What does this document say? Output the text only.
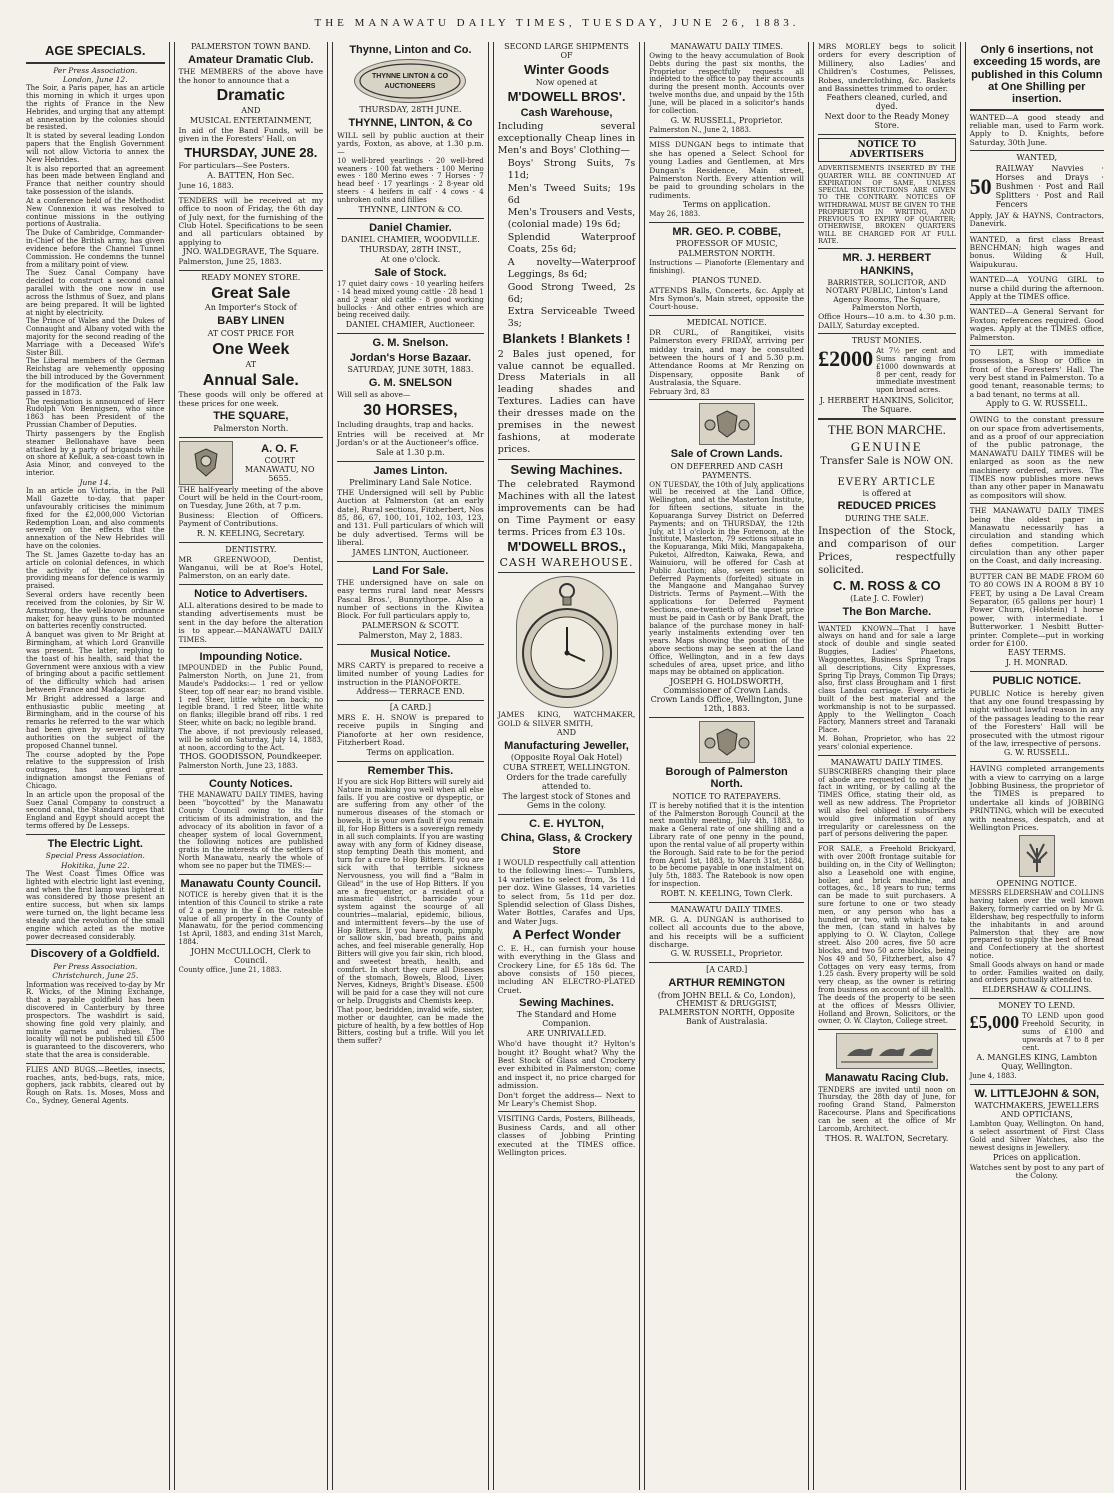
THE MANAWATU DAILY TIMES, TUESDAY, JUNE 26, 1883.
AGE SPECIALS.
Per Press Association.
London, June 12.
The Soir, a Paris paper, has an article this morning in which it urges upon the rights of France in the New Hebrides, and urging that any attempt at annexation by the colonies should be resisted.
It is stated by several leading London papers that the English Government will not allow Victoria to annex the New Hebrides.
It is also reported that an agreement has been made between England and France that neither country should take possession of the islands.
At a conference held of the Methodist New Connexion it was resolved to continue missions in the outlying portions of Australia.
The Duke of Cambridge, Commander-in-Chief of the British army, has given evidence before the Channel Tunnel Commission. He condemns the tunnel from a military point of view.
The Suez Canal Company have decided to construct a second canal parallel with the one now in use across the Isthmus of Suez, and plans are being prepared. It will be lighted at night by electricity.
The Prince of Wales and the Dukes of Connaught and Albany voted with the majority for the second reading of the Marriage with a Deceased Wife's Sister Bill.
The Liberal members of the German Reichstag are vehemently opposing the bill introduced by the Government for the modification of the Falk law passed in 1873.
The resignation is announced of Herr Rudolph Von Bennigsen, who since 1863 has been President of the Prussian Chamber of Deputies.
Thirty passengers by the English steamer Bellonahave have been attacked by a party of brigands while on shore at Kelluk, a sea-coast town in Asia Minor, and conveyed to the interior.
June 14.
In an article on Victoria, in the Pall Mall Gazette to-day, that paper unfavourably criticises the minimum fixed for the £2,000,000 Victorian Redemption Loan, and also comments severely on the effects that the annexation of the New Hebrides will have on the colonies.
The St. James Gazette to-day has an article on colonial defences, in which the activity of the colonies in providing means for defence is warmly praised.
Several orders have recently been received from the colonies, by Sir W. Armstrong, the well-known ordnance maker, for heavy guns to be mounted on batteries recently constructed.
A banquet was given to Mr Bright at Birmingham, at which Lord Granville was present. The latter, replying to the toast of his health, said that the Government were anxious with a view of bringing about a pacific settlement of the difficulty which had arisen between France and Madagascar.
Mr Bright addressed a large and enthusiastic public meeting at Birmingham, and in the course of his remarks he referred to the war which had been given by several military authorities on the subject of the proposed Channel tunnel.
The course adopted by the Pope relative to the suppression of Irish outrages, has aroused great indignation amongst the Fenians of Chicago.
In an article upon the proposal of the Suez Canal Company to construct a second canal, the Standard urges that England and Egypt should accept the terms offered by De Lesseps.
The Electric Light.
Special Press Association.
Hokitika, June 22.
The West Coast Times Office was lighted with electric light last evening, and when the first lamp was lighted it was considered by those present an entire success, but when six lamps were turned on, the light became less steady and the revolution of the small engine which acted as the motive power decreased considerably.
Discovery of a Goldfield.
Per Press Association.
Christchurch, June 25.
Information was received to-day by Mr R. Wicks, of the Mining Exchange, that a payable goldfield has been discovered in Canterbury by three prospectors. The washdirt is said, showing fine gold very plainly, and minute garnets and rubies. The locality will not be published till £500 is guaranteed to the discoverers, who state that the area is considerable.
FLIES AND BUGS.—Beetles, insects, roaches, ants, bed-bugs, rats, mice, gophers, jack rabbits, cleared out by Rough on Rats. 1s. Moses, Moss and Co., Sydney, General Agents.
PALMERSTON TOWN BAND.
Amateur Dramatic Club.
THE MEMBERS of the above have the honor to announce that a
Dramatic
AND
MUSICAL ENTERTAINMENT,
In aid of the Band Funds, will be given in the Foresters' Hall, on
THURSDAY, JUNE 28.
For particulars—See Posters.
A. BATTEN, Hon Sec.
June 16, 1883.
TENDERS will be received at my office to noon of Friday, the 6th day of July next, for the furnishing of the Club Hotel. Specifications to be seen and all particulars obtained by applying to
JNO. WALDEGRAVE, The Square.
Palmerston, June 25, 1883.
READY MONEY STORE.
Great Sale
An Importer's Stock of
BABY LINEN
AT COST PRICE FOR
One Week
AT
Annual Sale.
These goods will only be offered at these prices for one week.
THE SQUARE,
Palmerston North.
A. O. F.
COURT MANAWATU, NO 5655.
THE half-yearly meeting of the above Court will be held in the Court-room, on Tuesday, June 26th, at 7 p.m.
Business: Election of Officers. Payment of Contributions.
R. N. KEELING, Secretary.
DENTISTRY.
MR GREENWOOD, Dentist, Wanganui, will be at Roe's Hotel, Palmerston, on an early date.
Notice to Advertisers.
ALL alterations desired to be made to standing advertisements must be sent in the day before the alteration is to appear.—MANAWATU DAILY TIMES.
Impounding Notice.
IMPOUNDED in the Public Pound, Palmerston North, on June 21, from Maude's Paddocks:— 1 red or yellow Steer, top off near ear; no brand visible. 1 red Steer, little white on back; no legible brand. 1 red Steer, little white on flanks; illegible brand off ribs. 1 red Steer, white on back; no legible brand.
The above, if not previously released, will be sold on Saturday, July 14, 1883, at noon, according to the Act.
THOS. GOODISSON, Poundkeeper.
Palmerston North, June 23, 1883.
County Notices.
THE MANAWATU DAILY TIMES, having been "boycotted" by the Manawatu County Council owing to its fair criticism of its administration, and the advocacy of its abolition in favor of a cheaper system of local Government, the following notices are published gratis in the interests of the settlers of North Manawatu, nearly the whole of whom see no paper but the TIMES:—
Manawatu County Council.
NOTICE is hereby given that it is the intention of this Council to strike a rate of 2 a penny in the £ on the rateable value of all property in the County of Manawatu, for the period commencing 1st April, 1883, and ending 31st March, 1884.
JOHN McCULLOCH, Clerk to Council.
County office, June 21, 1883.
Thynne, Linton and Co.
THYNNE LINTON & CO
AUCTIONEERS
THURSDAY, 28TH JUNE.
THYNNE, LINTON, & Co
WILL sell by public auction at their yards, Foxton, as above, at 1.30 p.m.—
10 well-bred yearlings · 20 well-bred weaners · 100 fat wethers · 100 Merino ewes · 180 Merino ewes · 7 Horses · 7 head beef · 17 yearlings · 2 8-year old steers · 4 heifers in calf · 4 cows · 4 unbroken colts and fillies
THYNNE, LINTON & CO.
Daniel Chamier.
DANIEL CHAMIER, WOODVILLE.
THURSDAY, 28TH INST.,
At one o'clock.
Sale of Stock.
17 quiet dairy cows · 10 yearling heifers · 14 head mixed young cattle · 28 head 1 and 2 year old cattle · 8 good working bullocks · And other entries which are being received daily.
DANIEL CHAMIER, Auctioneer.
G. M. Snelson.
Jordan's Horse Bazaar.
SATURDAY, JUNE 30TH, 1883.
G. M. SNELSON
Will sell as above—
30 HORSES,
Including draughts, trap and hacks.
Entries will be received at Mr Jordan's or at the Auctioneer's office.
Sale at 1.30 p.m.
James Linton.
Preliminary Land Sale Notice.
THE Undersigned will sell by Public Auction at Palmerston (at an early date), Rural sections, Fitzherbert, Nos 85, 86, 67, 100, 101, 102, 103, 123, and 131. Full particulars of which will be duly advertised. Terms will be liberal.
JAMES LINTON, Auctioneer.
Land For Sale.
THE undersigned have on sale on easy terms rural land near Messrs Pascal Bros.', Bunnythorpe. Also a number of sections in the Kiwitea Block. For full particulars apply to,
PALMERSON & SCOTT.
Palmerston, May 2, 1883.
Musical Notice.
MRS CARTY is prepared to receive a limited number of young Ladies for instruction in the PIANOFORTE.
Address— TERRACE END.
[A CARD.]
MRS E. H. SNOW is prepared to receive pupils in Singing and Pianoforte at her own residence, Fitzherbert Road.
Terms on application.
Remember This.
If you are sick Hop Bitters will surely aid Nature in making you well when all else fails. If you are costive or dyspeptic, or are suffering from any other of the numerous diseases of the stomach or bowels, it is your own fault if you remain ill, for Hop Bitters is a sovereign remedy in all such complaints. If you are wasting away with any form of Kidney disease, stop tempting Death this moment, and turn for a cure to Hop Bitters. If you are sick with that terrible sickness Nervousness, you will find a "Balm in Gilead" in the use of Hop Bitters. If you are a frequenter, or a resident of a miasmatic district, barricade your system against the scourge of all countries—malarial, epidemic, bilious, and intermittent fevers—by the use of Hop Bitters. If you have rough, pimply, or sallow skin, bad breath, pains and aches, and feel miserable generally, Hop Bitters will give you fair skin, rich blood, and sweetest breath, health, and comfort. In short they cure all Diseases of the stomach, Bowels, Blood, Liver, Nerves, Kidneys, Bright's Disease. £500 will be paid for a case they will not cure or help. Druggists and Chemists keep.
That poor, bedridden, invalid wife, sister, mother or daughter, can be made the picture of health, by a few bottles of Hop Bitters, costing but a trifle. Will you let them suffer?
SECOND LARGE SHIPMENTS OF
Winter Goods
Now opened at
M'DOWELL BROS'.
Cash Warehouse,
Including several exceptionally Cheap lines in Men's and Boys' Clothing—
Boys' Strong Suits, 7s 11d;
Men's Tweed Suits; 19s 6d
Men's Trousers and Vests, (colonial made) 19s 6d;
Splendid Waterproof Coats, 25s 6d;
A novelty—Waterproof Leggings, 8s 6d;
Good Strong Tweed, 2s 6d;
Extra Serviceable Tweed 3s;
Blankets ! Blankets !
2 Bales just opened, for value cannot be equalled. Dress Materials in all leading shades and Textures. Ladies can have their dresses made on the premises in the newest fashions, at moderate prices.
Sewing Machines.
The celebrated Raymond Machines with all the latest improvements can be had on Time Payment or easy terms. Prices from £3 10s.
M'DOWELL BROS.,
CASH WAREHOUSE.
JAMES KING, WATCHMAKER, GOLD & SILVER SMITH,
AND
Manufacturing Jeweller,
(Opposite Royal Oak Hotel)
CUBA STREET, WELLINGTON.
Orders for the trade carefully attended to.
The largest stock of Stones and Gems in the colony.
C. E. HYLTON,
China, Glass, & Crockery Store
I WOULD respectfully call attention to the following lines:— Tumblers, 14 varieties to select from, 3s 11d per doz. Wine Glasses, 14 varieties to select from, 5s 11d per doz. Splendid selection of Glass Dishes, Water Bottles, Carafes and Ups, and Water Jugs.
A Perfect Wonder
C. E. H., can furnish your house with everything in the Glass and Crockery Line, for £5 18s 6d. The above consists of 150 pieces, including AN ELECTRO-PLATED Cruet.
Sewing Machines.
The Standard and Home Companion.
ARE UNRIVALLED.
Who'd have thought it? Hylton's bought it? Bought what? Why the Best Stock of Glass and Crockery ever exhibited in Palmerston; come and inspect it, no price charged for admission.
Don't forget the address— Next to Mr Leary's Chemist Shop.
VISITING Cards, Posters, Billheads, Business Cards, and all other classes of Jobbing Printing executed at the TIMES office. Wellington prices.
MANAWATU DAILY TIMES.
Owing to the heavy accumulation of Book Debts during the past six months, the Proprietor respectfully requests all indebted to the office to pay their accounts during the present month. Accounts over twelve months due, and unpaid by the 15th June, will be placed in a solicitor's hands for collection.
G. W. RUSSELL, Proprietor.
Palmerston N., June 2, 1883.
MISS DUNGAN begs to intimate that she has opened a Select School for young Ladies and Gentlemen, at Mrs Dungan's Residence, Main street, Palmerston North. Every attention will be paid to grounding scholars in the rudiments.
Terms on application.
May 26, 1883.
MR. GEO. P. COBBE,
PROFESSOR OF MUSIC,
PALMERSTON NORTH.
Instructions — Pianoforte (Elementary and finishing).
PIANOS TUNED.
ATTENDS Balls, Concerts, &c. Apply at Mrs Symon's, Main street, opposite the Court-house.
MEDICAL NOTICE.
DR CURL, of Rangitikei, visits Palmerston every FRIDAY, arriving per midday train, and may be consulted between the hours of 1 and 5.30 p.m. Attendance Rooms at Mr Renzing on Dispensary, opposite Bank of Australasia, the Square.
February 3rd, 83
Sale of Crown Lands.
ON DEFERRED AND CASH PAYMENTS.
ON TUESDAY, the 10th of July, applications will be received at the Land Office, Wellington, and at the Masterton Institute, for fifteen sections, situate in the Kopuaranga Survey District on Deferred Payments; and on THURSDAY, the 12th July, at 11 o'clock in the Forenoon, at the Institute, Masterton, 79 sections situate in the Kopuaranga, Miki Miki, Mangapakeha, Puketoi, Alfredton, Kaiwaka, Rewa, and Wainuioru, will be offered for Cash at Public Auction; also, seven sections on Deferred Payments (forfeited) situate in the Mangaone and Mangahao Survey Districts. Terms of Payment.—With the applications for Deferred Payment Sections, one-twentieth of the upset price must be paid in Cash or by Bank Draft, the balance of the purchase money in half-yearly instalments extending over ten years. Maps showing the position of the above sections may be seen at the Land Office, Wellington, and in a few days schedules of area, upset price, and litho maps may be obtained on application.
JOSEPH G. HOLDSWORTH, Commissioner of Crown Lands. Crown Lands Office, Wellington, June 12th, 1883.
Borough of Palmerston North.
NOTICE TO RATEPAYERS.
IT is hereby notified that it is the intention of the Palmerston Borough Council at the next monthly meeting, July 4th, 1883, to make a General rate of one shilling and a Library rate of one penny in the pound, upon the rental value of all property within the Borough. Said rate to be for the period from April 1st, 1883, to March 31st, 1884, to be become payable in one instalment on July 5th, 1883. The Ratebook is now open for inspection.
ROBT. N. KEELING, Town Clerk.
MANAWATU DAILY TIMES.
MR. G. A. DUNGAN is authorised to collect all accounts due to the above, and his receipts will be a sufficient discharge.
G. W. RUSSELL, Proprietor.
[A CARD.]
ARTHUR REMINGTON
(from JOHN BELL & Co, London), CHEMIST & DRUGGIST, PALMERSTON NORTH, Opposite Bank of Australasia.
MRS MORLEY begs to solicit orders for every description of Millinery, also Ladies' and Children's Costumes, Pelisses, Robes, underclothing, &c. Baskets and Bassinettes trimmed to order.
Feathers cleaned, curled, and dyed.
Next door to the Ready Money Store.
NOTICE TO ADVERTISERS
ADVERTISEMENTS INSERTED BY THE QUARTER WILL BE CONTINUED AT EXPIRATION OF SAME, UNLESS SPECIAL INSTRUCTIONS ARE GIVEN TO THE CONTRARY. NOTICES OF WITHDRAWAL MUST BE GIVEN TO THE PROPRIETOR IN WRITING, AND PREVIOUS TO EXPIRY OF QUARTER; OTHERWISE, BROKEN QUARTERS WILL BE CHARGED FOR AT FULL RATE.
MR. J. HERBERT HANKINS,
BARRISTER, SOLICITOR, AND NOTARY PUBLIC, Linton's Land Agency Rooms, The Square, Palmerston North,
Office Hours—10 a.m. to 4.30 p.m. DAILY, Saturday excepted.
TRUST MONIES.
£2000 At 7½ per cent and Sums ranging from £1000 downwards at 8 per cent, ready for immediate investment upon broad acres.
J. HERBERT HANKINS, Solicitor, The Square.
THE BON MARCHE.
GENUINE
Transfer Sale is NOW ON.
EVERY ARTICLE
is offered at
REDUCED PRICES
DURING THE SALE.
Inspection of the Stock, and comparison of our Prices, respectfully solicited.
C. M. ROSS & CO
(Late J. C. Fowler)
The Bon Marche.
WANTED KNOWN—That I have always on hand and for sale a large stock of double and single seated Buggies, Ladies' Phaetons, Waggonettes, Business Spring Traps all descriptions, City Expresses, Spring Tip Drays, Common Tip Drays; also, first class Brougham and 1 first class Landau carriage. Every article built of the best material and the workmanship is not to be surpassed. Apply to the Wellington Coach Factory, Manners street and Taranaki Place.
M. Bohan, Proprietor, who has 22 years' colonial experience.
MANAWATU DAILY TIMES.
SUBSCRIBERS changing their place of abode are requested to notify the fact in writing, or by calling at the TIMES Office, stating their old, as well as new address. The Proprietor will also feel obliged if subscribers would give information of any irregularity or carelessness on the part of persons delivering the paper.
FOR SALE, a Freehold Brickyard, with over 200ft frontage suitable for building on, in the City of Wellington; also a Leasehold one with engine, boiler, and brick machine, and cottages, &c., 18 years to run; terms can be made to suit purchasers. A sure fortune to one or two steady men, or any person who has a hundred or two, with which to take the men, (can stand in halves by applying to O. W. Clayton, College street. Also 200 acres, five 50 acre blocks, and two 50 acre blocks, being Nos 49 and 50, Fitzherbert, also 47 Cottages on very easy terms, from 1.25 cash. Every property will be sold very cheap, as the owner is retiring from business on account of ill health. The deeds of the property to be seen at the offices of Messrs Ollivier, Holland and Brown, Solicitors, or the owner, O. W. Clayton, College street.
Manawatu Racing Club.
TENDERS are invited until noon on Thursday, the 28th day of June, for roofing Grand Stand, Palmerston Racecourse. Plans and Specifications can be seen at the office of Mr Larcomb, Architect.
THOS. R. WALTON, Secretary.
Only 6 insertions, not exceeding 15 words, are published in this Column at One Shilling per insertion.
WANTED—A good steady and reliable man, used to Farm work. Apply to D. Knights, before Saturday, 30th June.
WANTED,
50
RAILWAY Navvies · Horses and Drays · Bushmen · Post and Rail Splitters · Post and Rail Fencers
Apply, JAY & HAYNS, Contractors, Danevirk.
WANTED, a first class Breast BENCHMAN; high wages and bonus. Wilding & Hull, Waipukurau.
WANTED—A YOUNG GIRL to nurse a child during the afternoon. Apply at the TIMES office.
WANTED—A General Servant for Foxton; references required. Good wages. Apply at the TIMES office, Palmerston.
TO LET, with immediate possession, a Shop or Office in front of the Foresters' Hall. The very best stand in Palmerston. To a good tenant, reasonable terms; to a bad tenant, no terms at all.
Apply to G. W. RUSSELL.
OWING to the constant pressure on our space from advertisements, and as a proof of our appreciation of the public patronage, the MANAWATU DAILY TIMES will be enlarged as soon as the new machinery ordered, arrives. The TIMES now publishes more news than any other paper in Manawatu as compositors will show.
THE MANAWATU DAILY TIMES being the oldest paper in Manawatu necessarily has a circulation and standing which defies competition. Larger circulation than any other paper on the Coast, and daily increasing.
BUTTER CAN BE MADE FROM 60 TO 80 COWS IN A ROOM 8 BY 10 FEET, by using a De Laval Cream Separator, (65 gallons per hour) 1 Power Churn, (Holstein) 1 horse power, with intermediate. 1 Butterworker. 1 Nesbitt Butter-printer. Complete—put in working order for £100.
EASY TERMS.
J. H. MONRAD.
PUBLIC NOTICE.
PUBLIC Notice is hereby given that any one found trespassing by night without lawful reason in any of the passages leading to the rear of the Foresters' Hall will be prosecuted with the utmost rigour of the law, irrespective of persons.
G. W. RUSSELL.
HAVING completed arrangements with a view to carrying on a large Jobbing Business, the proprietor of the TIMES is prepared to undertake all kinds of JOBBING PRINTING, which will be executed with neatness, despatch, and at Wellington Prices.
OPENING NOTICE.
MESSRS ELDERSHAW and COLLINS having taken over the well known Bakery, formerly carried on by Mr G. Eldershaw, beg respectfully to inform the inhabitants in and around Palmerston that they are now prepared to supply the best of Bread and Confectionery at the shortest notice.
Small Goods always on hand or made to order. Families waited on daily, and orders punctually attended to.
ELDERSHAW & COLLINS.
MONEY TO LEND.
£5,000 TO LEND upon good Freehold Security, in sums of £100 and upwards at 7 to 8 per cent.
A. MANGLES KING, Lambton Quay, Wellington.
June 4, 1883.
W. LITTLEJOHN & SON,
WATCHMAKERS, JEWELLERS AND OPTICIANS,
Lambton Quay, Wellington. On hand, a select assortment of First Class Gold and Silver Watches, also the newest designs in Jewellery.
Prices on application.
Watches sent by post to any part of the Colony.
